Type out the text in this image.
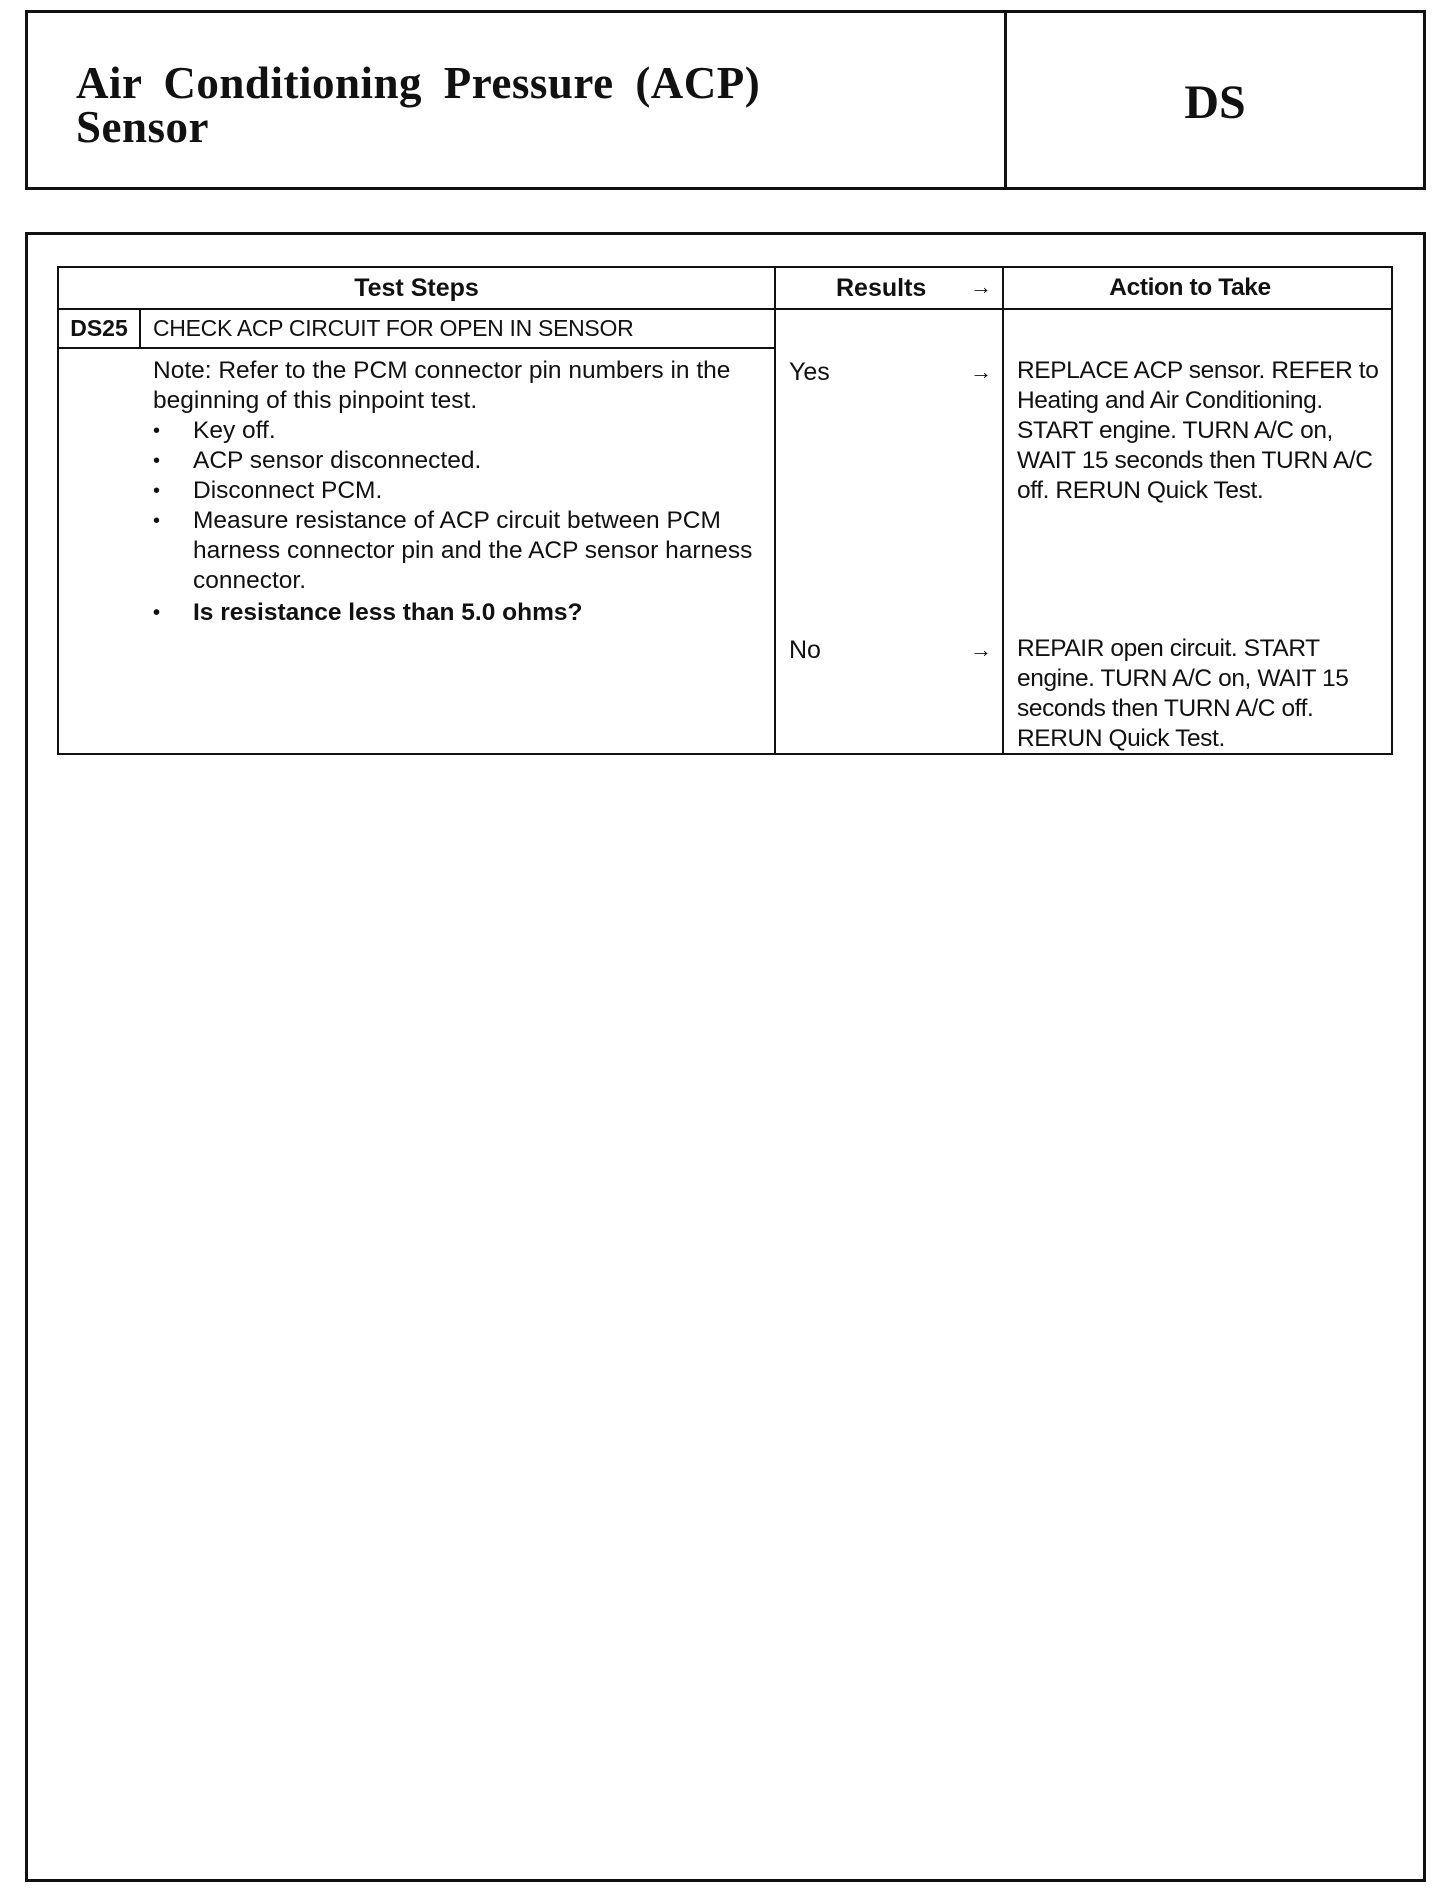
Air Conditioning Pressure (ACP)
Sensor	DS
Test Steps	Results	→	Action to Take
DS25	CHECK ACP CIRCUIT FOR OPEN IN SENSOR
Note: Refer to the PCM connector pin numbers in the beginning of this pinpoint test.
• Key off.
• ACP sensor disconnected.
• Disconnect PCM.
• Measure resistance of ACP circuit between PCM harness connector pin and the ACP sensor harness connector.
• Is resistance less than 5.0 ohms?
Yes	→ REPLACE ACP sensor. REFER to Heating and Air Conditioning. START engine. TURN A/C on, WAIT 15 seconds then TURN A/C off. RERUN Quick Test.
No	→ REPAIR open circuit. START engine. TURN A/C on, WAIT 15 seconds then TURN A/C off. RERUN Quick Test.
